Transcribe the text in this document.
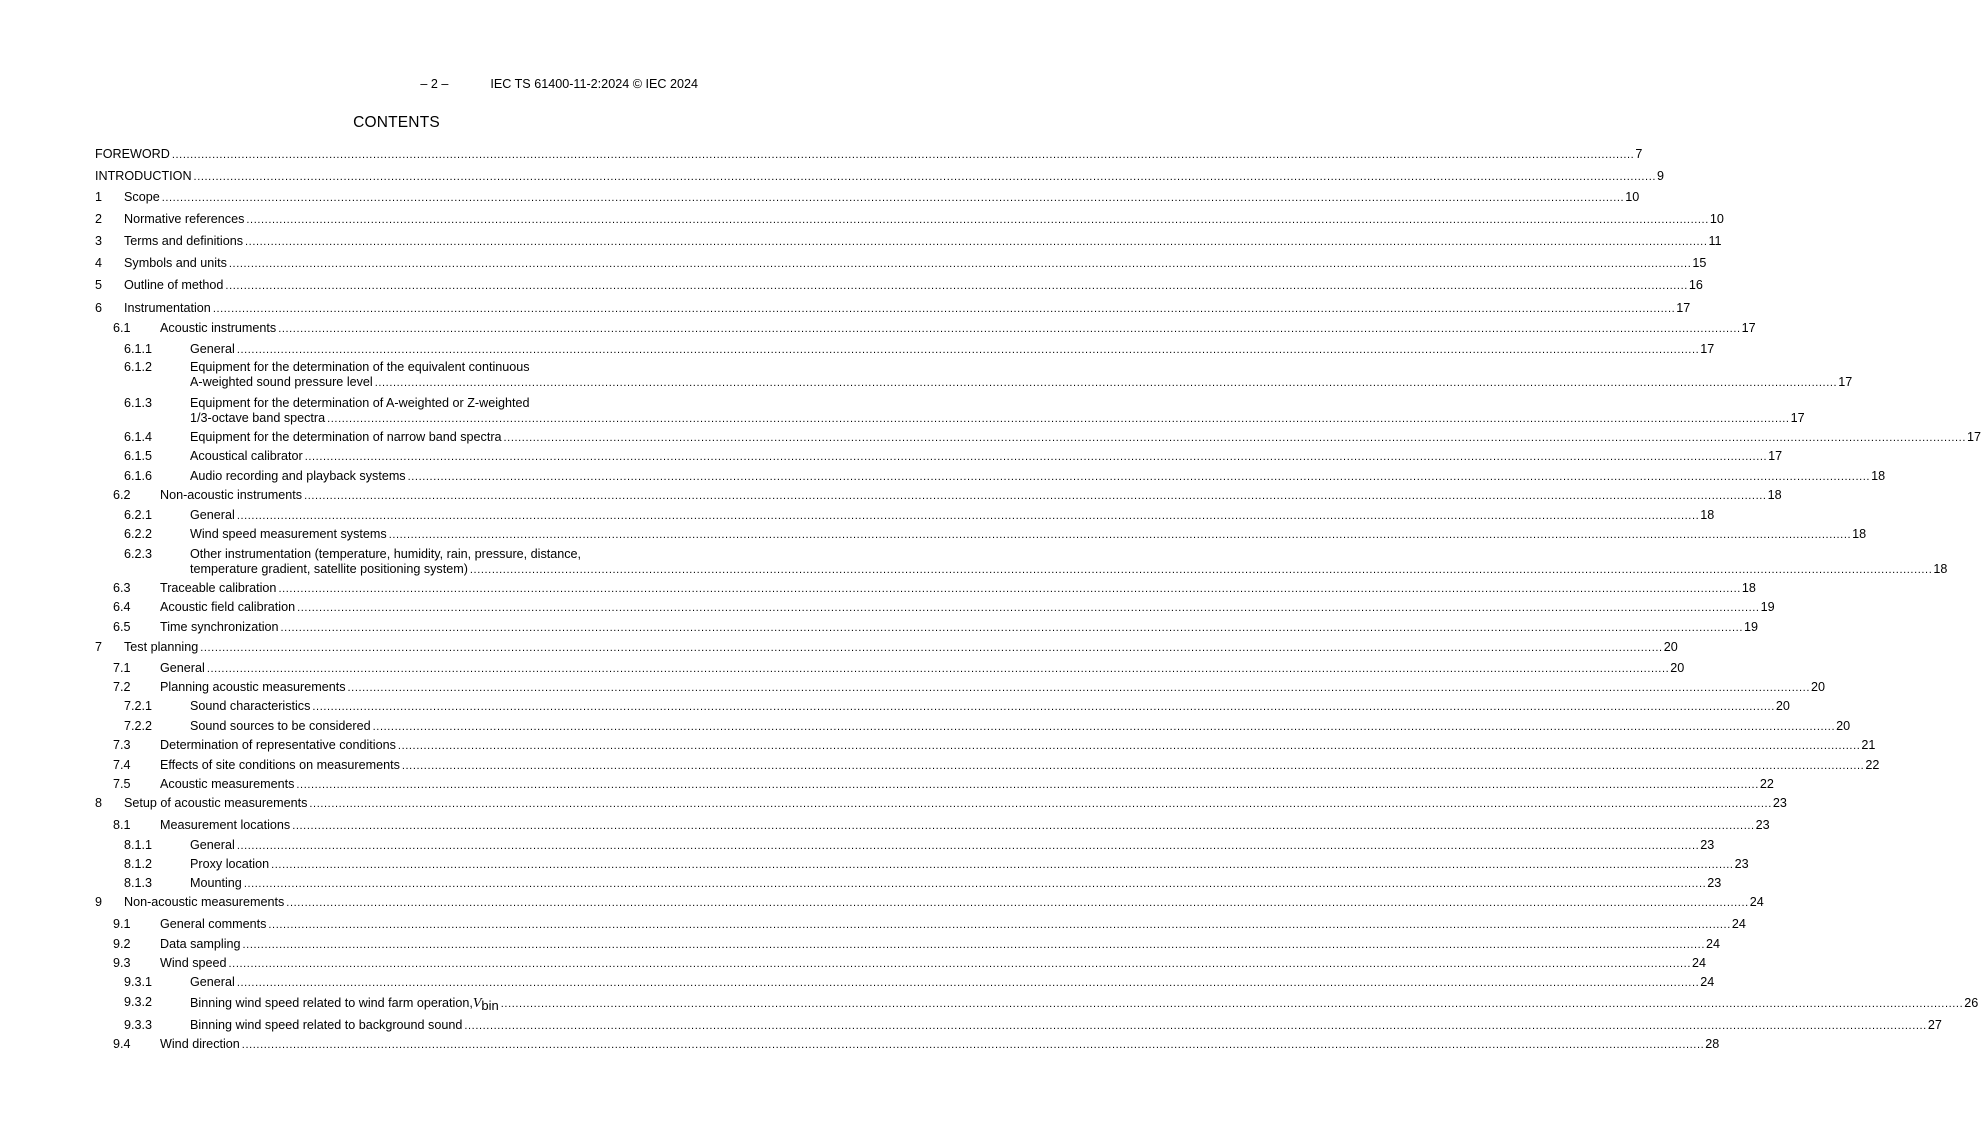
– 2 –	IEC TS 61400-11-2:2024 © IEC 2024
CONTENTS
FOREWORD ................................................................................................................................................................................................................................................................................................................................................................................................................ 7
INTRODUCTION ................................................................................................................................................................................................................................................................................................................................................................................................................ 9
1 Scope ................................................................................................................................................................................................................................................................................................................................................................................................................ 10
2 Normative references ................................................................................................................................................................................................................................................................................................................................................................................................................ 10
3 Terms and definitions ................................................................................................................................................................................................................................................................................................................................................................................................................ 11
4 Symbols and units ................................................................................................................................................................................................................................................................................................................................................................................................................ 15
5 Outline of method ................................................................................................................................................................................................................................................................................................................................................................................................................ 16
6 Instrumentation ................................................................................................................................................................................................................................................................................................................................................................................................................ 17
6.1 Acoustic instruments ................................................................................................................................................................................................................................................................................................................................................................................................................ 17
6.1.1	General ................................................................................................................................................................................................................................................................................................................................................................................................................ 17
6.1.2	Equipment for the determination of the equivalent continuous
A-weighted sound pressure level ................................................................................................................................................................................................................................................................................................................................................................................................................ 17
6.1.3	Equipment for the determination of A-weighted or Z-weighted
1/3-octave band spectra ................................................................................................................................................................................................................................................................................................................................................................................................................ 17
6.1.4	Equipment for the determination of narrow band spectra ................................................................................................................................................................................................................................................................................................................................................................................................................ 17
6.1.5	Acoustical calibrator ................................................................................................................................................................................................................................................................................................................................................................................................................ 17
6.1.6	Audio recording and playback systems ................................................................................................................................................................................................................................................................................................................................................................................................................ 18
6.2 Non-acoustic instruments ................................................................................................................................................................................................................................................................................................................................................................................................................ 18
6.2.1	General ................................................................................................................................................................................................................................................................................................................................................................................................................ 18
6.2.2	Wind speed measurement systems ................................................................................................................................................................................................................................................................................................................................................................................................................ 18
6.2.3	Other instrumentation (temperature, humidity, rain, pressure, distance,
temperature gradient, satellite positioning system) ................................................................................................................................................................................................................................................................................................................................................................................................................ 18
6.3 Traceable calibration ................................................................................................................................................................................................................................................................................................................................................................................................................ 18
6.4 Acoustic field calibration ................................................................................................................................................................................................................................................................................................................................................................................................................ 19
6.5 Time synchronization ................................................................................................................................................................................................................................................................................................................................................................................................................ 19
7 Test planning ................................................................................................................................................................................................................................................................................................................................................................................................................ 20
7.1 General ................................................................................................................................................................................................................................................................................................................................................................................................................ 20
7.2 Planning acoustic measurements ................................................................................................................................................................................................................................................................................................................................................................................................................ 20
7.2.1	Sound characteristics ................................................................................................................................................................................................................................................................................................................................................................................................................ 20
7.2.2	Sound sources to be considered ................................................................................................................................................................................................................................................................................................................................................................................................................ 20
7.3 Determination of representative conditions ................................................................................................................................................................................................................................................................................................................................................................................................................ 21
7.4 Effects of site conditions on measurements ................................................................................................................................................................................................................................................................................................................................................................................................................ 22
7.5 Acoustic measurements ................................................................................................................................................................................................................................................................................................................................................................................................................ 22
8 Setup of acoustic measurements ................................................................................................................................................................................................................................................................................................................................................................................................................ 23
8.1 Measurement locations ................................................................................................................................................................................................................................................................................................................................................................................................................ 23
8.1.1	General ................................................................................................................................................................................................................................................................................................................................................................................................................ 23
8.1.2	Proxy location ................................................................................................................................................................................................................................................................................................................................................................................................................ 23
8.1.3	Mounting ................................................................................................................................................................................................................................................................................................................................................................................................................ 23
9 Non-acoustic measurements ................................................................................................................................................................................................................................................................................................................................................................................................................ 24
9.1 General comments ................................................................................................................................................................................................................................................................................................................................................................................................................ 24
9.2 Data sampling ................................................................................................................................................................................................................................................................................................................................................................................................................ 24
9.3 Wind speed ................................................................................................................................................................................................................................................................................................................................................................................................................ 24
9.3.1	General ................................................................................................................................................................................................................................................................................................................................................................................................................ 24
9.3.2	Binning wind speed related to wind farm operation, V bin ................................................................................................................................................................................................................................................................................................................................................................................................................ 26
9.3.3	Binning wind speed related to background sound ................................................................................................................................................................................................................................................................................................................................................................................................................ 27
9.4 Wind direction ................................................................................................................................................................................................................................................................................................................................................................................................................ 28
